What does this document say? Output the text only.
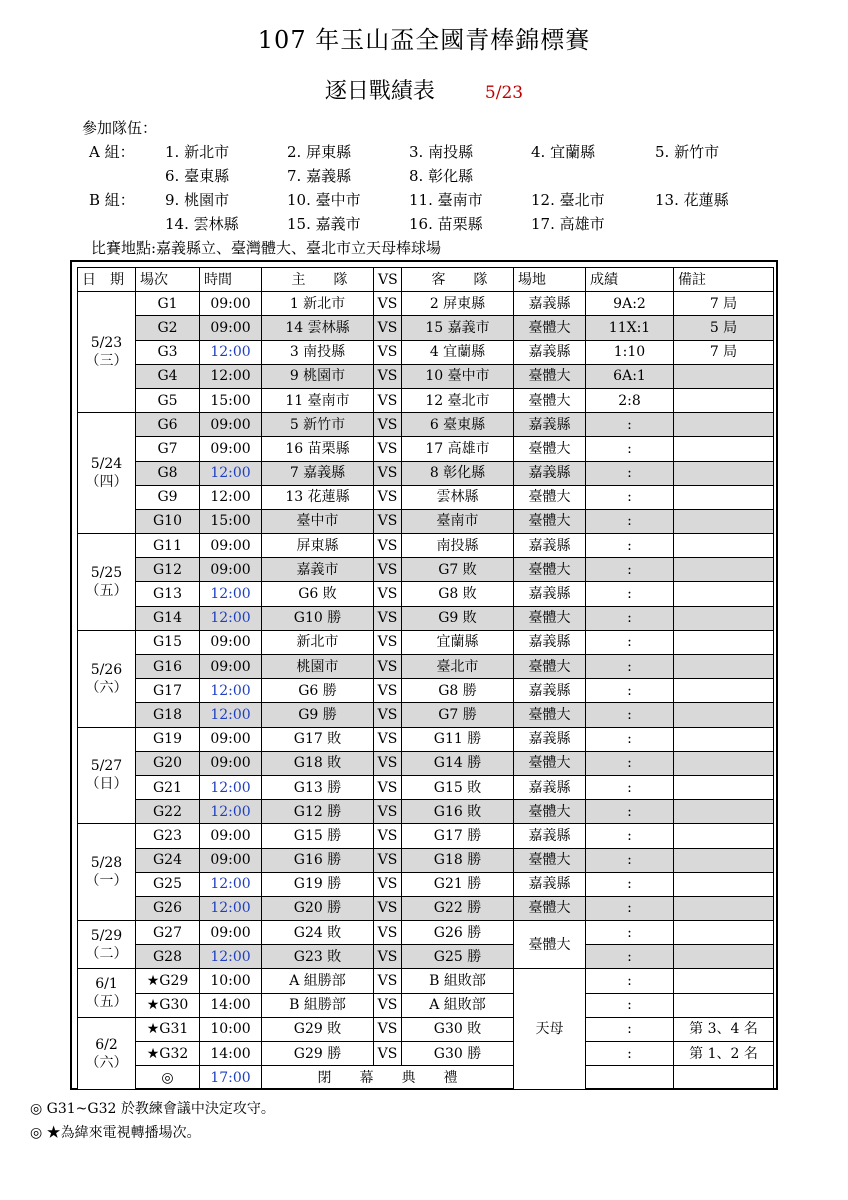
107 年玉山盃全國青棒錦標賽
逐日戰績表	5/23
參加隊伍：
A 組： 1. 新北市	2. 屏東縣	3. 南投縣	4. 宜蘭縣	5. 新竹市
6. 臺東縣	7. 嘉義縣	8. 彰化縣
B 組： 9. 桃園市	10. 臺中市	11. 臺南市	12. 臺北市	13. 花蓮縣
14. 雲林縣	15. 嘉義市	16. 苗栗縣	17. 高雄市
比賽地點:嘉義縣立、臺灣體大、臺北市立天母棒球場
日　期	場次	時間	主　　隊	VS	客　　隊	場地	成績	備註

5/23
（三）	G1	09:00	1 新北市	VS	2 屏東縣	嘉義縣	9A:2	7 局
	G2	09:00	14 雲林縣	VS	15 嘉義市	臺體大	11X:1	5 局
	G3	12:00	3 南投縣	VS	4 宜蘭縣	嘉義縣	1:10	7 局
	G4	12:00	9 桃園市	VS	10 臺中市	臺體大	6A:1	
	G5	15:00	11 臺南市	VS	12 臺北市	臺體大	2:8	

5/24
（四）	G6	09:00	5 新竹市	VS	6 臺東縣	嘉義縣	:	
	G7	09:00	16 苗栗縣	VS	17 高雄市	臺體大	:	
	G8	12:00	7 嘉義縣	VS	8 彰化縣	嘉義縣	:	
	G9	12:00	13 花蓮縣	VS	雲林縣	臺體大	:	
	G10	15:00	臺中市	VS	臺南市	臺體大	:	

5/25
（五）	G11	09:00	屏東縣	VS	南投縣	嘉義縣	:	
	G12	09:00	嘉義市	VS	G7 敗	臺體大	:	
	G13	12:00	G6 敗	VS	G8 敗	嘉義縣	:	
	G14	12:00	G10 勝	VS	G9 敗	臺體大	:	

5/26
（六）	G15	09:00	新北市	VS	宜蘭縣	嘉義縣	:	
	G16	09:00	桃園市	VS	臺北市	臺體大	:	
	G17	12:00	G6 勝	VS	G8 勝	嘉義縣	:	
	G18	12:00	G9 勝	VS	G7 勝	臺體大	:	

5/27
（日）	G19	09:00	G17 敗	VS	G11 勝	嘉義縣	:	
	G20	09:00	G18 敗	VS	G14 勝	臺體大	:	
	G21	12:00	G13 勝	VS	G15 敗	嘉義縣	:	
	G22	12:00	G12 勝	VS	G16 敗	臺體大	:	

5/28
（一）	G23	09:00	G15 勝	VS	G17 勝	嘉義縣	:	
	G24	09:00	G16 勝	VS	G18 勝	臺體大	:	
	G25	12:00	G19 勝	VS	G21 勝	嘉義縣	:	
	G26	12:00	G20 勝	VS	G22 勝	臺體大	:	

5/29
（二）	G27	09:00	G24 敗	VS	G26 勝	臺體大	:	
	G28	12:00	G23 敗	VS	G25 勝		:	

6/1
（五）	★G29	10:00	A 組勝部	VS	B 組敗部	天母	:	
	★G30	14:00	B 組勝部	VS	A 組敗部		:	

6/2
（六）	★G31	10:00	G29 敗	VS	G30 敗		:	第 3、4 名
	★G32	14:00	G29 勝	VS	G30 勝		:	第 1、2 名
	◎	17:00	閉　　幕　　典　　禮					
◎ G31~G32 於教練會議中決定攻守。
◎ ★為緯來電視轉播場次。
